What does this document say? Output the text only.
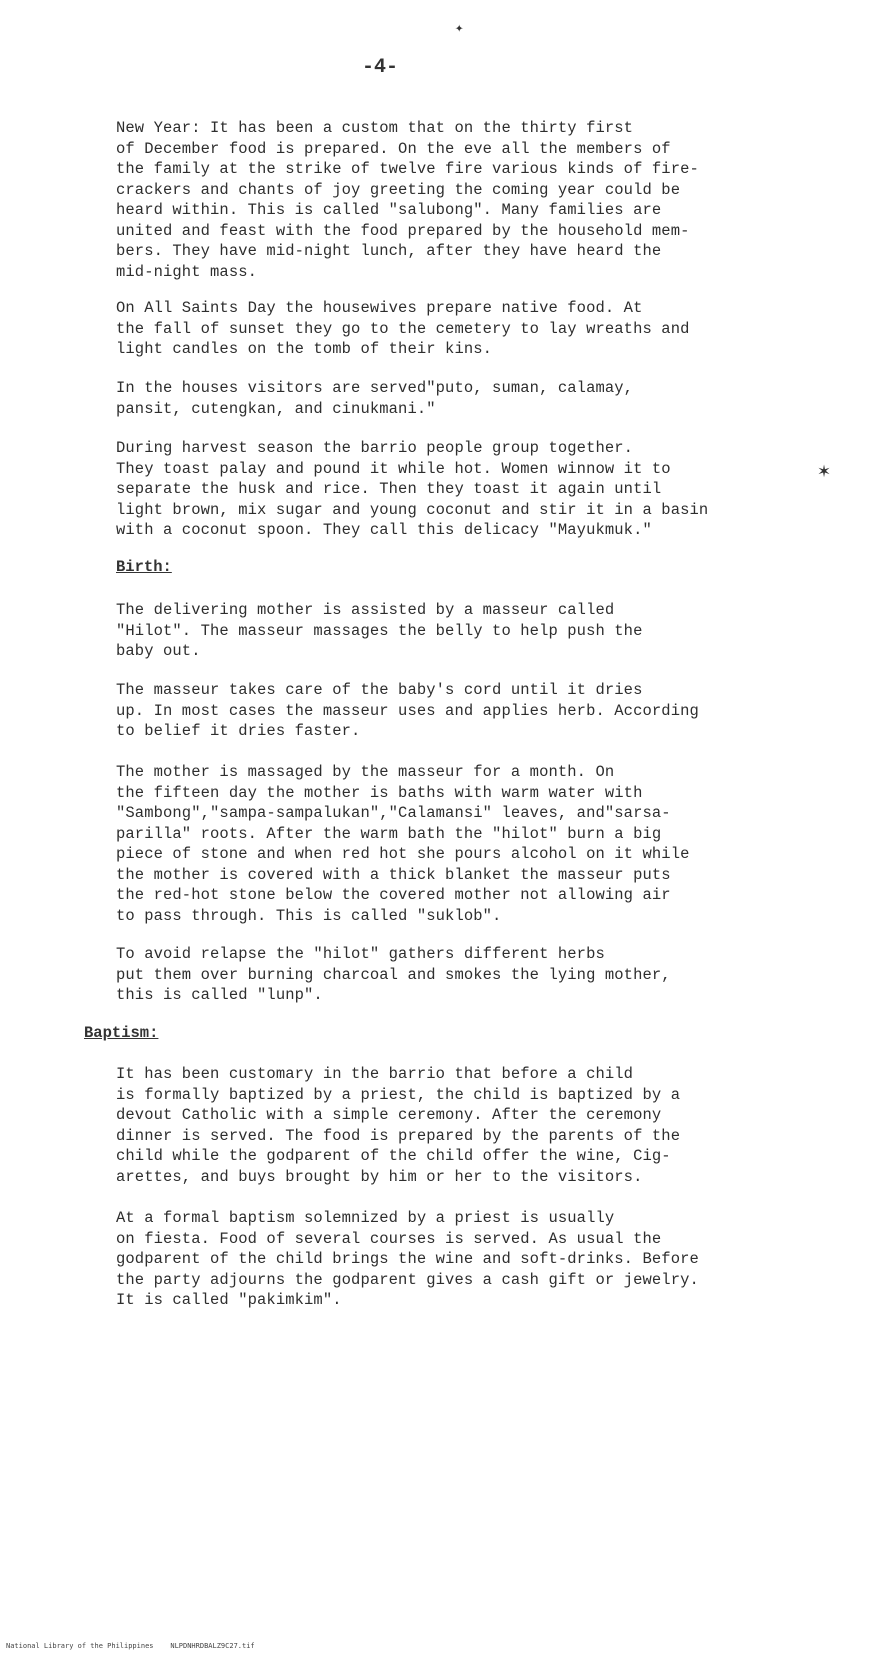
-4-
✦
✶

New Year: It has been a custom that on the thirty first
of December food is prepared. On the eve all the members of
the family at the strike of twelve fire various kinds of fire-
crackers and chants of joy greeting the coming year could be
heard within. This is called "salubong". Many families are
united and feast with the food prepared by the household mem-
bers. They have mid-night lunch, after they have heard the
mid-night mass.

On All Saints Day the housewives prepare native food. At
the fall of sunset they go to the cemetery to lay wreaths and
light candles on the tomb of their kins.

In the houses visitors are served"puto, suman, calamay,
pansit, cutengkan, and cinukmani."

During harvest season the barrio people group together.
They toast palay and pound it while hot. Women winnow it to
separate the husk and rice. Then they toast it again until
light brown, mix sugar and young coconut and stir it in a basin
with a coconut spoon. They call this delicacy "Mayukmuk."

Birth:

The delivering mother is assisted by a masseur called
"Hilot". The masseur massages the belly to help push the
baby out.

The masseur takes care of the baby's cord until it dries
up. In most cases the masseur uses and applies herb. According
to belief it dries faster.

The mother is massaged by the masseur for a month. On
the fifteen day the mother is baths with warm water with
"Sambong","sampa-sampalukan","Calamansi" leaves, and"sarsa-
parilla" roots. After the warm bath the "hilot" burn a big
piece of stone and when red hot she pours alcohol on it while
the mother is covered with a thick blanket the masseur puts
the red-hot stone below the covered mother not allowing air
to pass through. This is called "suklob".

To avoid relapse the "hilot" gathers different herbs
put them over burning charcoal and smokes the lying mother,
this is called "lunp".

Baptism:

It has been customary in the barrio that before a child
is formally baptized by a priest, the child is baptized by a
devout Catholic with a simple ceremony. After the ceremony
dinner is served. The food is prepared by the parents of the
child while the godparent of the child offer the wine, Cig-
arettes, and buys brought by him or her to the visitors.

At a formal baptism solemnized by a priest is usually
on fiesta. Food of several courses is served. As usual the
godparent of the child brings the wine and soft-drinks. Before
the party adjourns the godparent gives a cash gift or jewelry.
It is called "pakimkim".

National Library of the Philippines    NLPDNHRDBALZ9C27.tif
